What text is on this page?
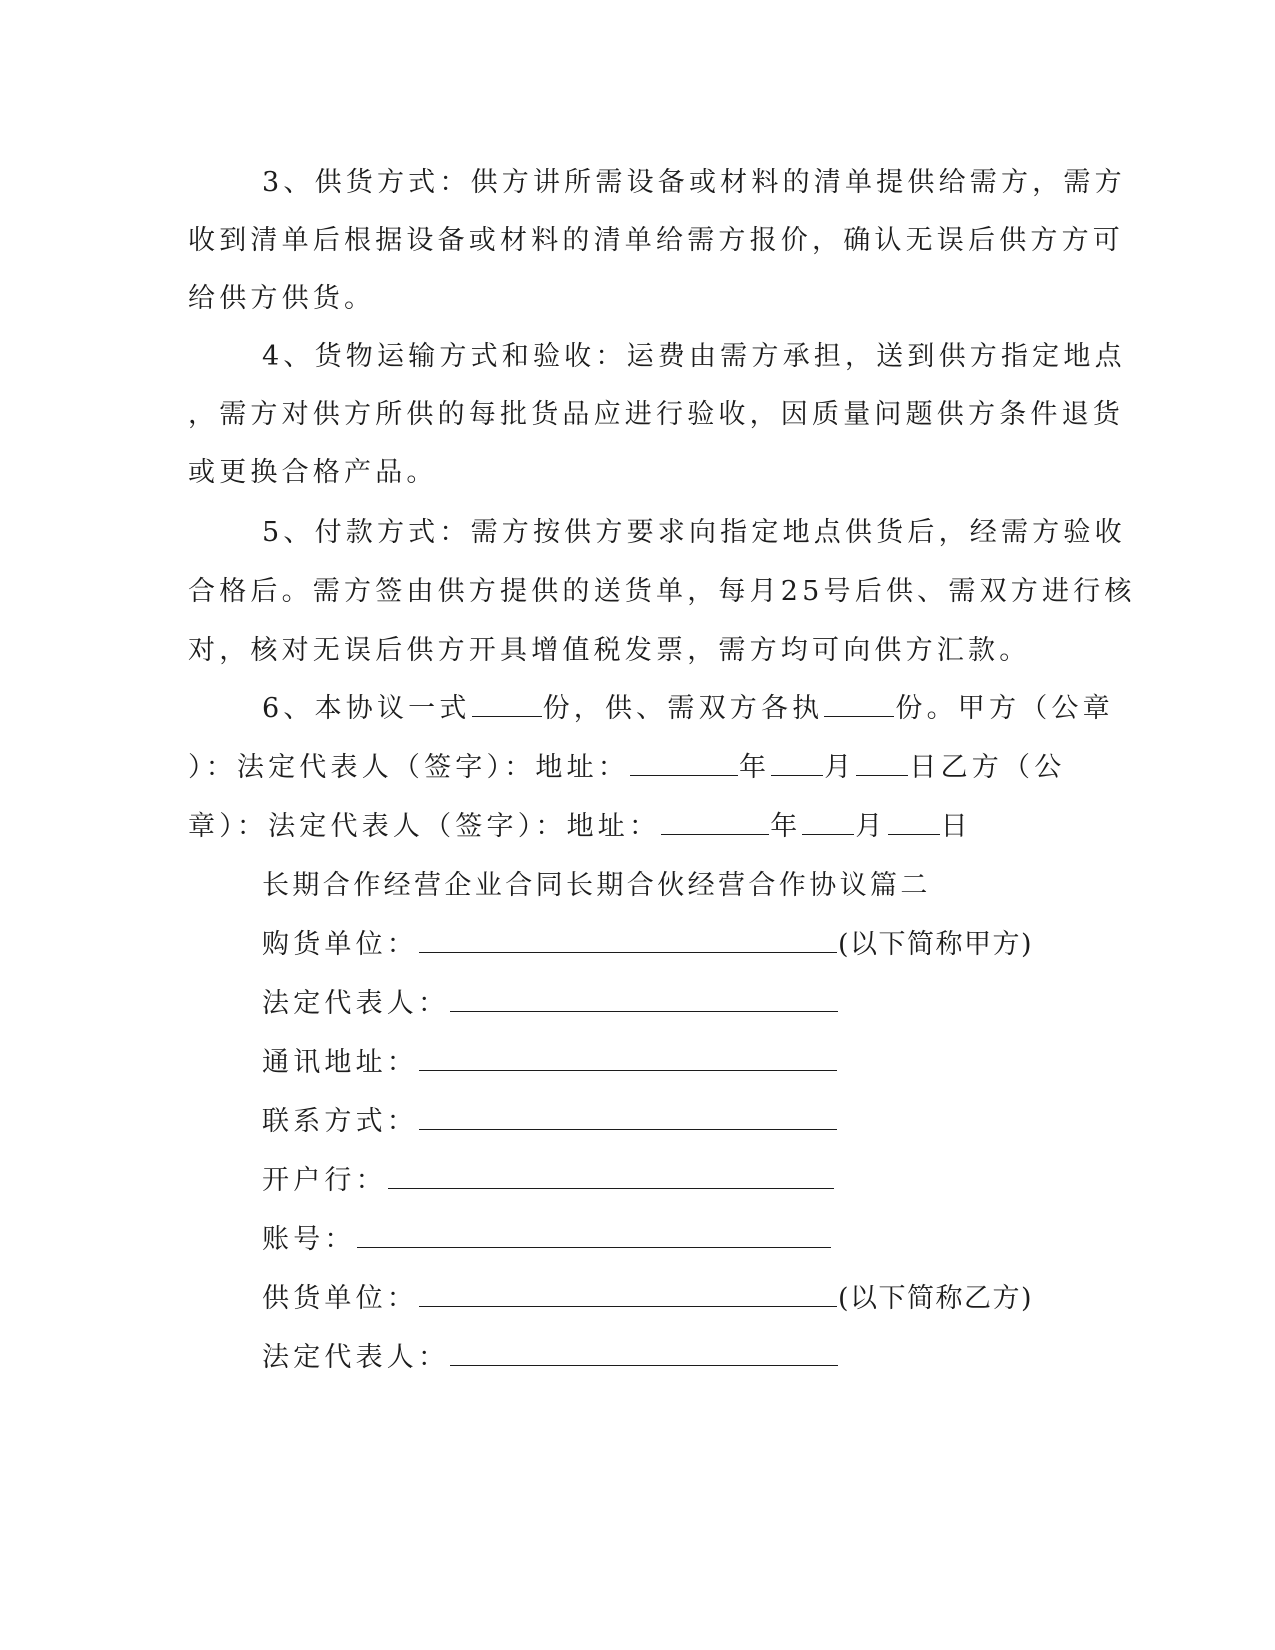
3、供货方式：供方讲所需设备或材料的清单提供给需方，需方
收到清单后根据设备或材料的清单给需方报价，确认无误后供方方可
给供方供货。
4、货物运输方式和验收：运费由需方承担，送到供方指定地点
，需方对供方所供的每批货品应进行验收，因质量问题供方条件退货
或更换合格产品。
5、付款方式：需方按供方要求向指定地点供货后，经需方验收
合格后。需方签由供方提供的送货单，每月25号后供、需双方进行核
对，核对无误后供方开具增值税发票，需方均可向供方汇款。
6、本协议一式	份，供、需双方各执	份。甲方（公章
）：法定代表人（签字）：地址：	年 月 日乙方（公
章）：法定代表人（签字）：地址：	年 月 日
长期合作经营企业合同长期合伙经营合作协议篇二
购货单位：	(以下简称甲方)
法定代表人：
通讯地址：
联系方式：
开户行：
账号：
供货单位：	(以下简称乙方)
法定代表人：
